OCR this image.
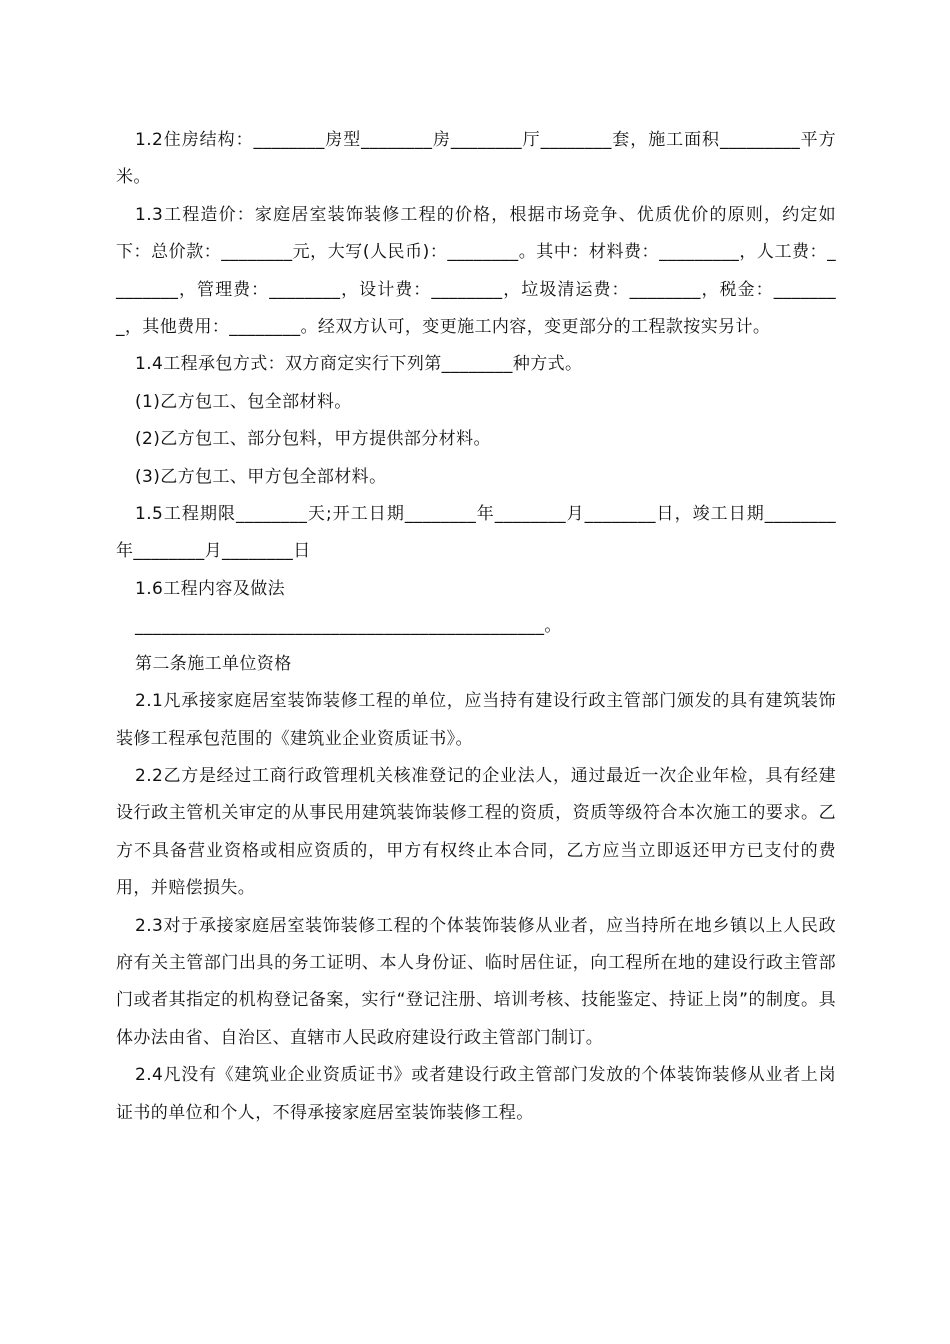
1.2住房结构：________房型________房________厅________套，施工面积_________平方米。

1.3工程造价：家庭居室装饰装修工程的价格，根据市场竞争、优质优价的原则，约定如下：总价款：________元，大写(人民币)：________。其中：材料费：_________，人工费：________，管理费：________，设计费：________，垃圾清运费：________，税金：________，其他费用：________。经双方认可，变更施工内容，变更部分的工程款按实另计。

1.4工程承包方式：双方商定实行下列第________种方式。

(1)乙方包工、包全部材料。

(2)乙方包工、部分包料，甲方提供部分材料。

(3)乙方包工、甲方包全部材料。

1.5工程期限________天;开工日期________年________月________日，竣工日期________年________月________日

1.6工程内容及做法

______________________________________________。

第二条施工单位资格

2.1凡承接家庭居室装饰装修工程的单位，应当持有建设行政主管部门颁发的具有建筑装饰装修工程承包范围的《建筑业企业资质证书》。

2.2乙方是经过工商行政管理机关核准登记的企业法人，通过最近一次企业年检，具有经建设行政主管机关审定的从事民用建筑装饰装修工程的资质，资质等级符合本次施工的要求。乙方不具备营业资格或相应资质的，甲方有权终止本合同，乙方应当立即返还甲方已支付的费用，并赔偿损失。

2.3对于承接家庭居室装饰装修工程的个体装饰装修从业者，应当持所在地乡镇以上人民政府有关主管部门出具的务工证明、本人身份证、临时居住证，向工程所在地的建设行政主管部门或者其指定的机构登记备案，实行“登记注册、培训考核、技能鉴定、持证上岗”的制度。具体办法由省、自治区、直辖市人民政府建设行政主管部门制订。

2.4凡没有《建筑业企业资质证书》或者建设行政主管部门发放的个体装饰装修从业者上岗证书的单位和个人，不得承接家庭居室装饰装修工程。
